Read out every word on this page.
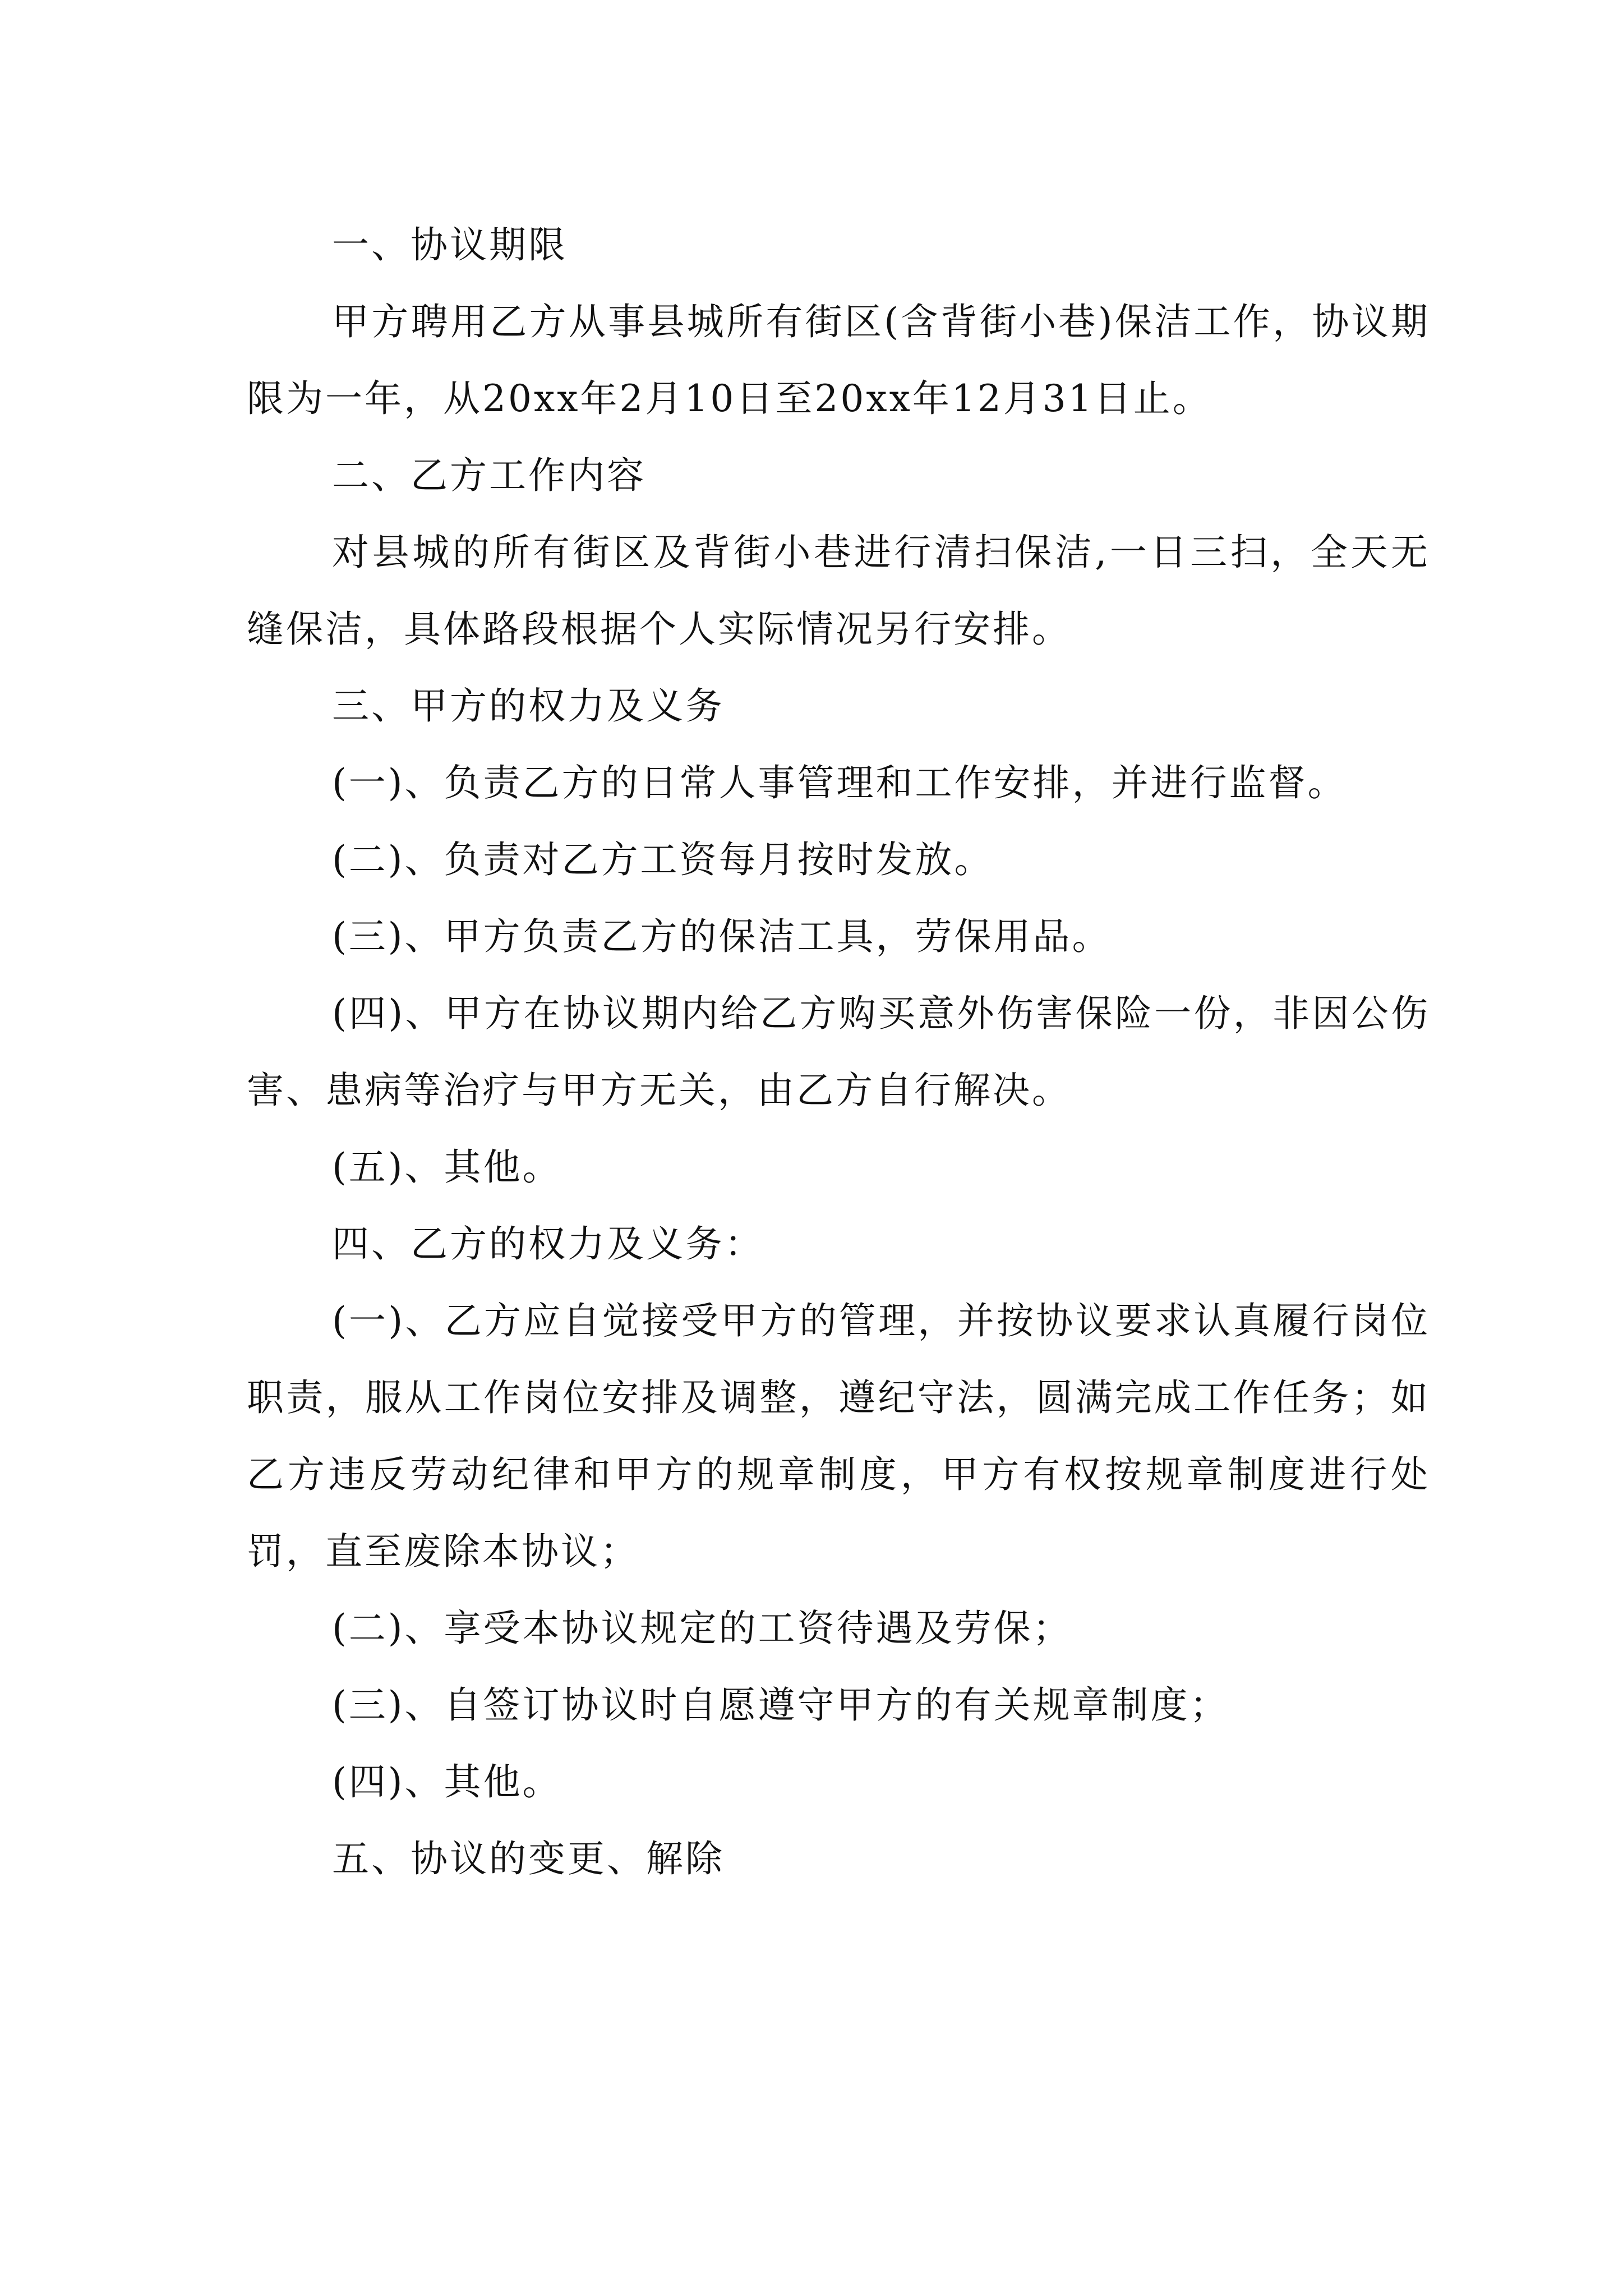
一、协议期限

甲方聘用乙方从事县城所有街区(含背街小巷)保洁工作，协议期限为一年，从20xx年2月10日至20xx年12月31日止。

二、乙方工作内容

对县城的所有街区及背街小巷进行清扫保洁,一日三扫，全天无缝保洁，具体路段根据个人实际情况另行安排。

三、甲方的权力及义务

(一)、负责乙方的日常人事管理和工作安排，并进行监督。

(二)、负责对乙方工资每月按时发放。

(三)、甲方负责乙方的保洁工具，劳保用品。

(四)、甲方在协议期内给乙方购买意外伤害保险一份，非因公伤害、患病等治疗与甲方无关，由乙方自行解决。

(五)、其他。

四、乙方的权力及义务：

(一)、乙方应自觉接受甲方的管理，并按协议要求认真履行岗位职责，服从工作岗位安排及调整，遵纪守法，圆满完成工作任务；如乙方违反劳动纪律和甲方的规章制度，甲方有权按规章制度进行处罚，直至废除本协议；

(二)、享受本协议规定的工资待遇及劳保；

(三)、自签订协议时自愿遵守甲方的有关规章制度；

(四)、其他。

五、协议的变更、解除
